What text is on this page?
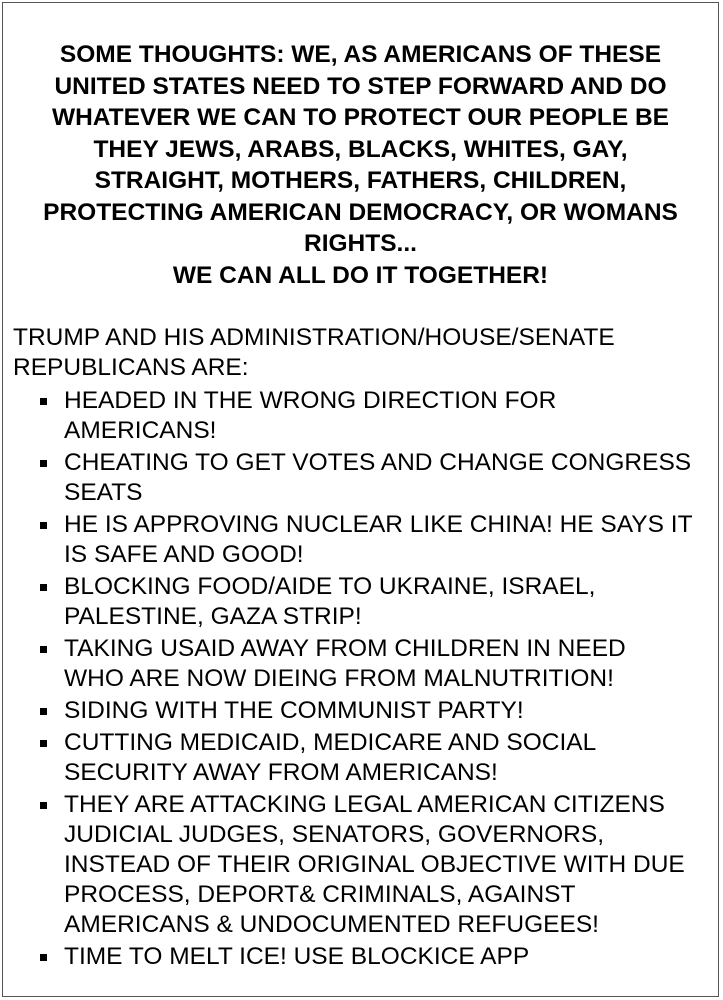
SOME THOUGHTS: WE, AS AMERICANS OF THESE
UNITED STATES NEED TO STEP FORWARD AND DO
WHATEVER WE CAN TO PROTECT OUR PEOPLE BE
THEY JEWS, ARABS, BLACKS, WHITES, GAY,
STRAIGHT, MOTHERS, FATHERS, CHILDREN,
PROTECTING AMERICAN DEMOCRACY, OR WOMANS
RIGHTS...
WE CAN ALL DO IT TOGETHER!
TRUMP AND HIS ADMINISTRATION/HOUSE/SENATE
REPUBLICANS ARE:
HEADED IN THE WRONG DIRECTION FOR
AMERICANS!
CHEATING TO GET VOTES AND CHANGE CONGRESS
SEATS
HE IS APPROVING NUCLEAR LIKE CHINA! HE SAYS IT
IS SAFE AND GOOD!
BLOCKING FOOD/AIDE TO UKRAINE, ISRAEL,
PALESTINE, GAZA STRIP!
TAKING USAID AWAY FROM CHILDREN IN NEED
WHO ARE NOW DIEING FROM MALNUTRITION!
SIDING WITH THE COMMUNIST PARTY!
CUTTING MEDICAID, MEDICARE AND SOCIAL
SECURITY AWAY FROM AMERICANS!
THEY ARE ATTACKING LEGAL AMERICAN CITIZENS
JUDICIAL JUDGES, SENATORS, GOVERNORS,
INSTEAD OF THEIR ORIGINAL OBJECTIVE WITH DUE
PROCESS, DEPORT& CRIMINALS, AGAINST
AMERICANS & UNDOCUMENTED REFUGEES!
TIME TO MELT ICE! USE BLOCKICE APP
